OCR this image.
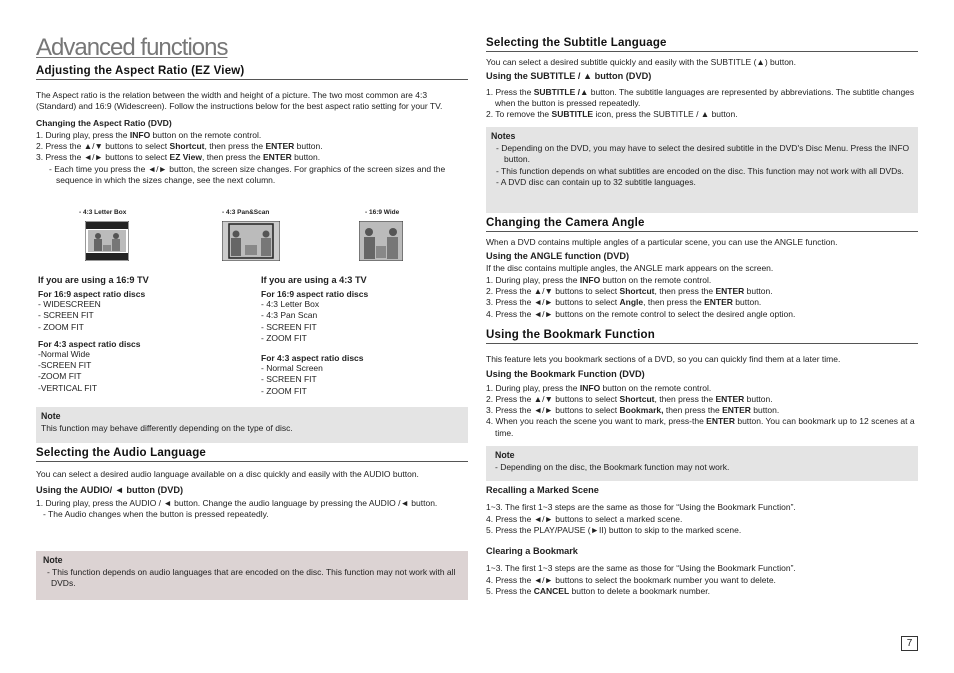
Advanced functions
Adjusting the Aspect Ratio (EZ View)

The Aspect ratio is the relation between the width and height of a picture. The two most common are 4:3 (Standard) and 16:9 (Widescreen). Follow the instructions below for the best aspect ratio setting for your TV.

Changing the Aspect Ratio (DVD)

1. During play, press the INFO button on the remote control.
2. Press the ▲/▼ buttons to select Shortcut, then press the ENTER button.
3. Press the ◄/► buttons to select EZ View, then press the ENTER button.
- Each time you press the ◄/► button, the screen size changes. For graphics of the screen sizes and the sequence in which the sizes change, see the next column.
- 4:3 Letter Box	- 4:3 Pan&Scan	- 16:9 Wide
If you are using a 16:9 TV
For 16:9 aspect ratio discs
- WIDESCREEN
- SCREEN FIT
- ZOOM FIT
For 4:3 aspect ratio discs
-Normal Wide
-SCREEN FIT
-ZOOM FIT
-VERTICAL FIT
If you are using a 4:3 TV
For 16:9 aspect ratio discs
- 4:3 Letter Box
- 4:3 Pan Scan
- SCREEN FIT
- ZOOM FIT
For 4:3 aspect ratio discs
- Normal Screen
- SCREEN FIT
- ZOOM FIT
Note

This function may behave differently depending on the type of disc.

Selecting the Audio Language

You can select a desired audio language available on a disc quickly and easily with the AUDIO button.

Using the AUDIO/ ◄ button (DVD)

1. During play, press the AUDIO / ◄ button. Change the audio language by pressing the AUDIO /◄ button.
- The Audio changes when the button is pressed repeatedly.
Note
- This function depends on audio languages that are encoded on the disc. This function may not work with all DVDs.
Selecting the Subtitle Language

You can select a desired subtitle quickly and easily with the SUBTITLE (▲) button.

Using the SUBTITLE / ▲ button (DVD)

1. Press the SUBTITLE /▲ button. The subtitle languages are represented by abbreviations. The subtitle changes when the button is pressed repeatedly.
2. To remove the SUBTITLE icon, press the SUBTITLE / ▲ button.
Notes
- Depending on the DVD, you may have to select the desired subtitle in the DVD's Disc Menu. Press the INFO button.
- This function depends on what subtitles are encoded on the disc. This function may not work with all DVDs.
- A DVD disc can contain up to 32 subtitle languages.
Changing the Camera Angle

When a DVD contains multiple angles of a particular scene, you can use the ANGLE function.

Using the ANGLE function (DVD)

If the disc contains multiple angles, the ANGLE mark appears on the screen.

1. During play, press the INFO button on the remote control.
2. Press the ▲/▼ buttons to select Shortcut, then press the ENTER button.
3. Press the ◄/► buttons to select Angle, then press the ENTER button.
4. Press the ◄/► buttons on the remote control to select the desired angle option.
Using the Bookmark Function

This feature lets you bookmark sections of a DVD, so you can quickly find them at a later time.

Using the Bookmark Function (DVD)

1. During play, press the INFO button on the remote control.
2. Press the ▲/▼ buttons to select Shortcut, then press the ENTER button.
3. Press the ◄/► buttons to select Bookmark, then press the ENTER button.
4. When you reach the scene you want to mark, press-the ENTER button. You can bookmark up to 12 scenes at a time.
Note
- Depending on the disc, the Bookmark function may not work.

Recalling a Marked Scene

1~3. The first 1~3 steps are the same as those for “Using the Bookmark Function”.

4. Press the ◄/► buttons to select a marked scene.

5. Press the PLAY/PAUSE (►II) button to skip to the marked scene.

Clearing a Bookmark

1~3. The first 1~3 steps are the same as those for “Using the Bookmark Function”.

4. Press the ◄/► buttons to select the bookmark number you want to delete.

5. Press the CANCEL button to delete a bookmark number.

7
